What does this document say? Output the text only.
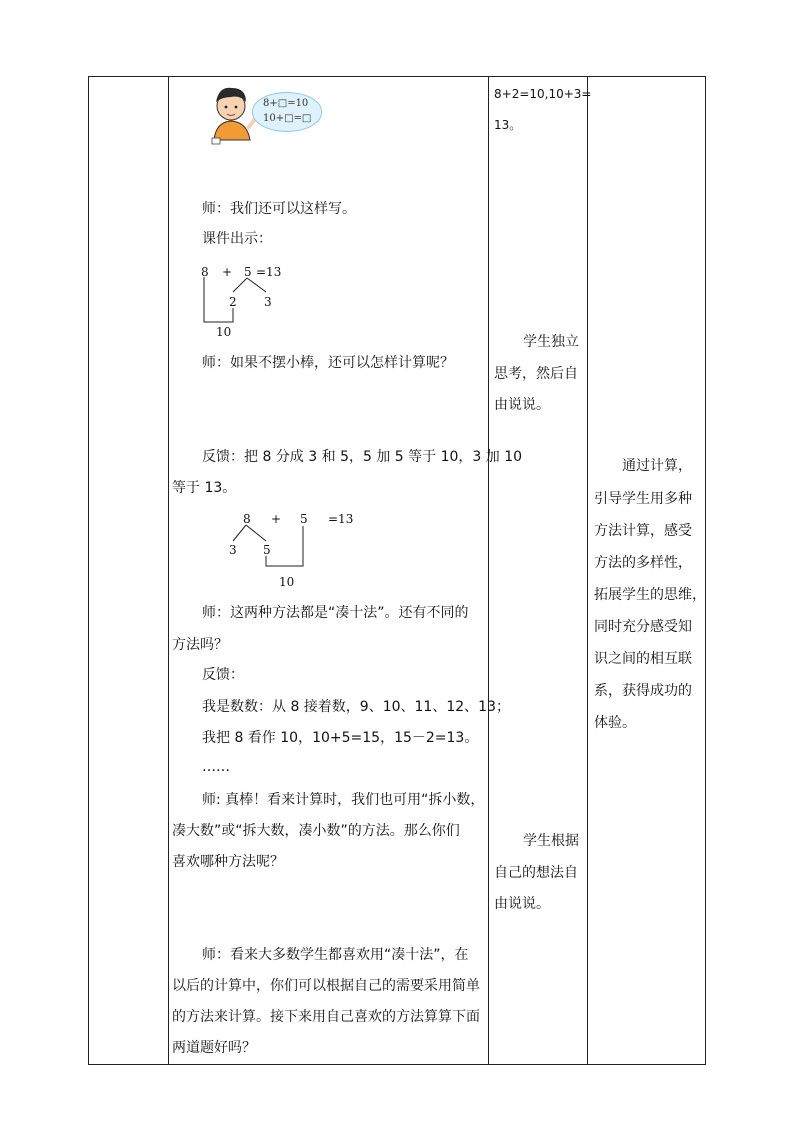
8+□=10
10+□=□
师：我们还可以这样写。
课件出示：
8 + 5 =13
2 3
10
师：如果不摆小棒，还可以怎样计算呢？
反馈：把 8 分成 3 和 5，5 加 5 等于 10，3 加 10
等于 13。
8 + 5 =13
3 5
10
师：这两种方法都是“凑十法”。还有不同的
方法吗？
反馈：
我是数数：从 8 接着数，9、10、11、12、13；
我把 8 看作 10，10+5=15，15－2=13。
……
师: 真棒！看来计算时，我们也可用“拆小数，
凑大数”或“拆大数，凑小数”的方法。那么你们
喜欢哪种方法呢？
师：看来大多数学生都喜欢用“凑十法”，在
以后的计算中，你们可以根据自己的需要采用简单
的方法来计算。接下来用自己喜欢的方法算算下面
两道题好吗？
8+2=10,10+3=
13。
学生独立
思考，然后自
由说说。
学生根据
自己的想法自
由说说。
通过计算，
引导学生用多种
方法计算，感受
方法的多样性，
拓展学生的思维，
同时充分感受知
识之间的相互联
系，获得成功的
体验。
